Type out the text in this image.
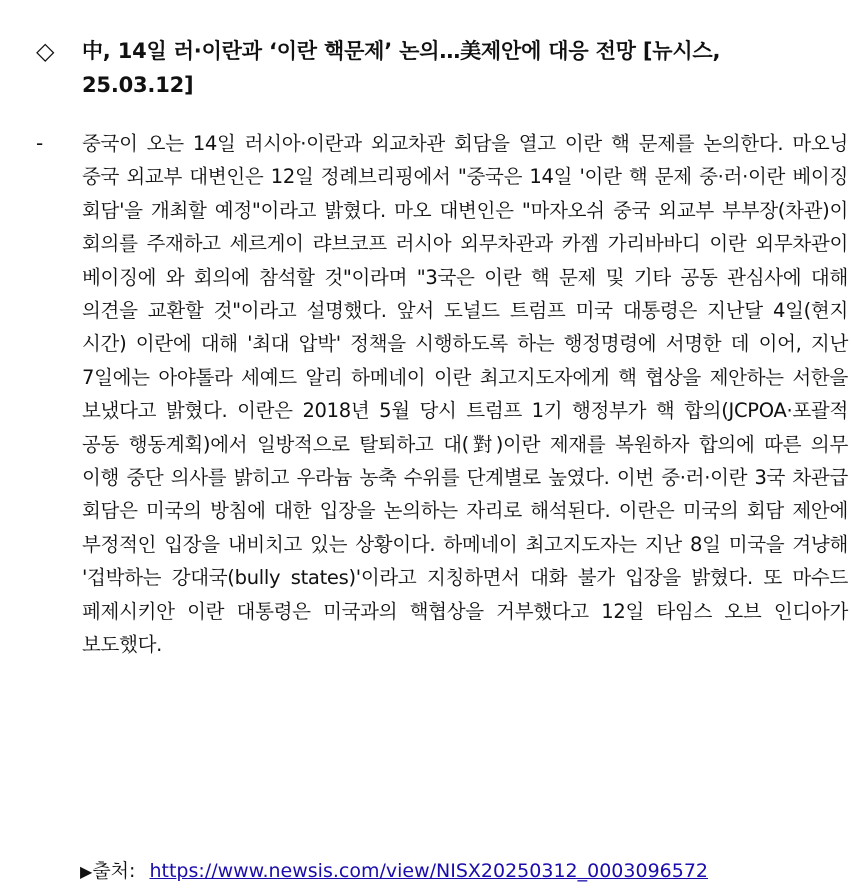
◇	中, 14일 러·이란과 ‘이란 핵문제’ 논의…美제안에 대응 전망 [뉴시스, 25.03.12]
-	중국이 오는 14일 러시아·이란과 외교차관 회담을 열고 이란 핵 문제를 논의한다. 마오닝 중국 외교부 대변인은 12일 정례브리핑에서 "중국은 14일 '이란 핵 문제 중·러·이란 베이징 회담'을 개최할 예정"이라고 밝혔다. 마오 대변인은 "마자오쉬 중국 외교부 부부장(차관)이 회의를 주재하고 세르게이 랴브코프 러시아 외무차관과 카젬 가리바바디 이란 외무차관이 베이징에 와 회의에 참석할 것"이라며 "3국은 이란 핵 문제 및 기타 공동 관심사에 대해 의견을 교환할 것"이라고 설명했다. 앞서 도널드 트럼프 미국 대통령은 지난달 4일(현지 시간) 이란에 대해 '최대 압박' 정책을 시행하도록 하는 행정명령에 서명한 데 이어, 지난 7일에는 아야톨라 세예드 알리 하메네이 이란 최고지도자에게 핵 협상을 제안하는 서한을 보냈다고 밝혔다. 이란은 2018년 5월 당시 트럼프 1기 행정부가 핵 합의(JCPOA·포괄적 공동 행동계획)에서 일방적으로 탈퇴하고 대(對)이란 제재를 복원하자 합의에 따른 의무 이행 중단 의사를 밝히고 우라늄 농축 수위를 단계별로 높였다. 이번 중·러·이란 3국 차관급 회담은 미국의 방침에 대한 입장을 논의하는 자리로 해석된다. 이란은 미국의 회담 제안에 부정적인 입장을 내비치고 있는 상황이다. 하메네이 최고지도자는 지난 8일 미국을 겨냥해 '겁박하는 강대국(bully states)'이라고 지칭하면서 대화 불가 입장을 밝혔다. 또 마수드 페제시키안 이란 대통령은 미국과의 핵협상을 거부했다고 12일 타임스 오브 인디아가 보도했다.
▶출처: https://www.newsis.com/view/NISX20250312_0003096572
